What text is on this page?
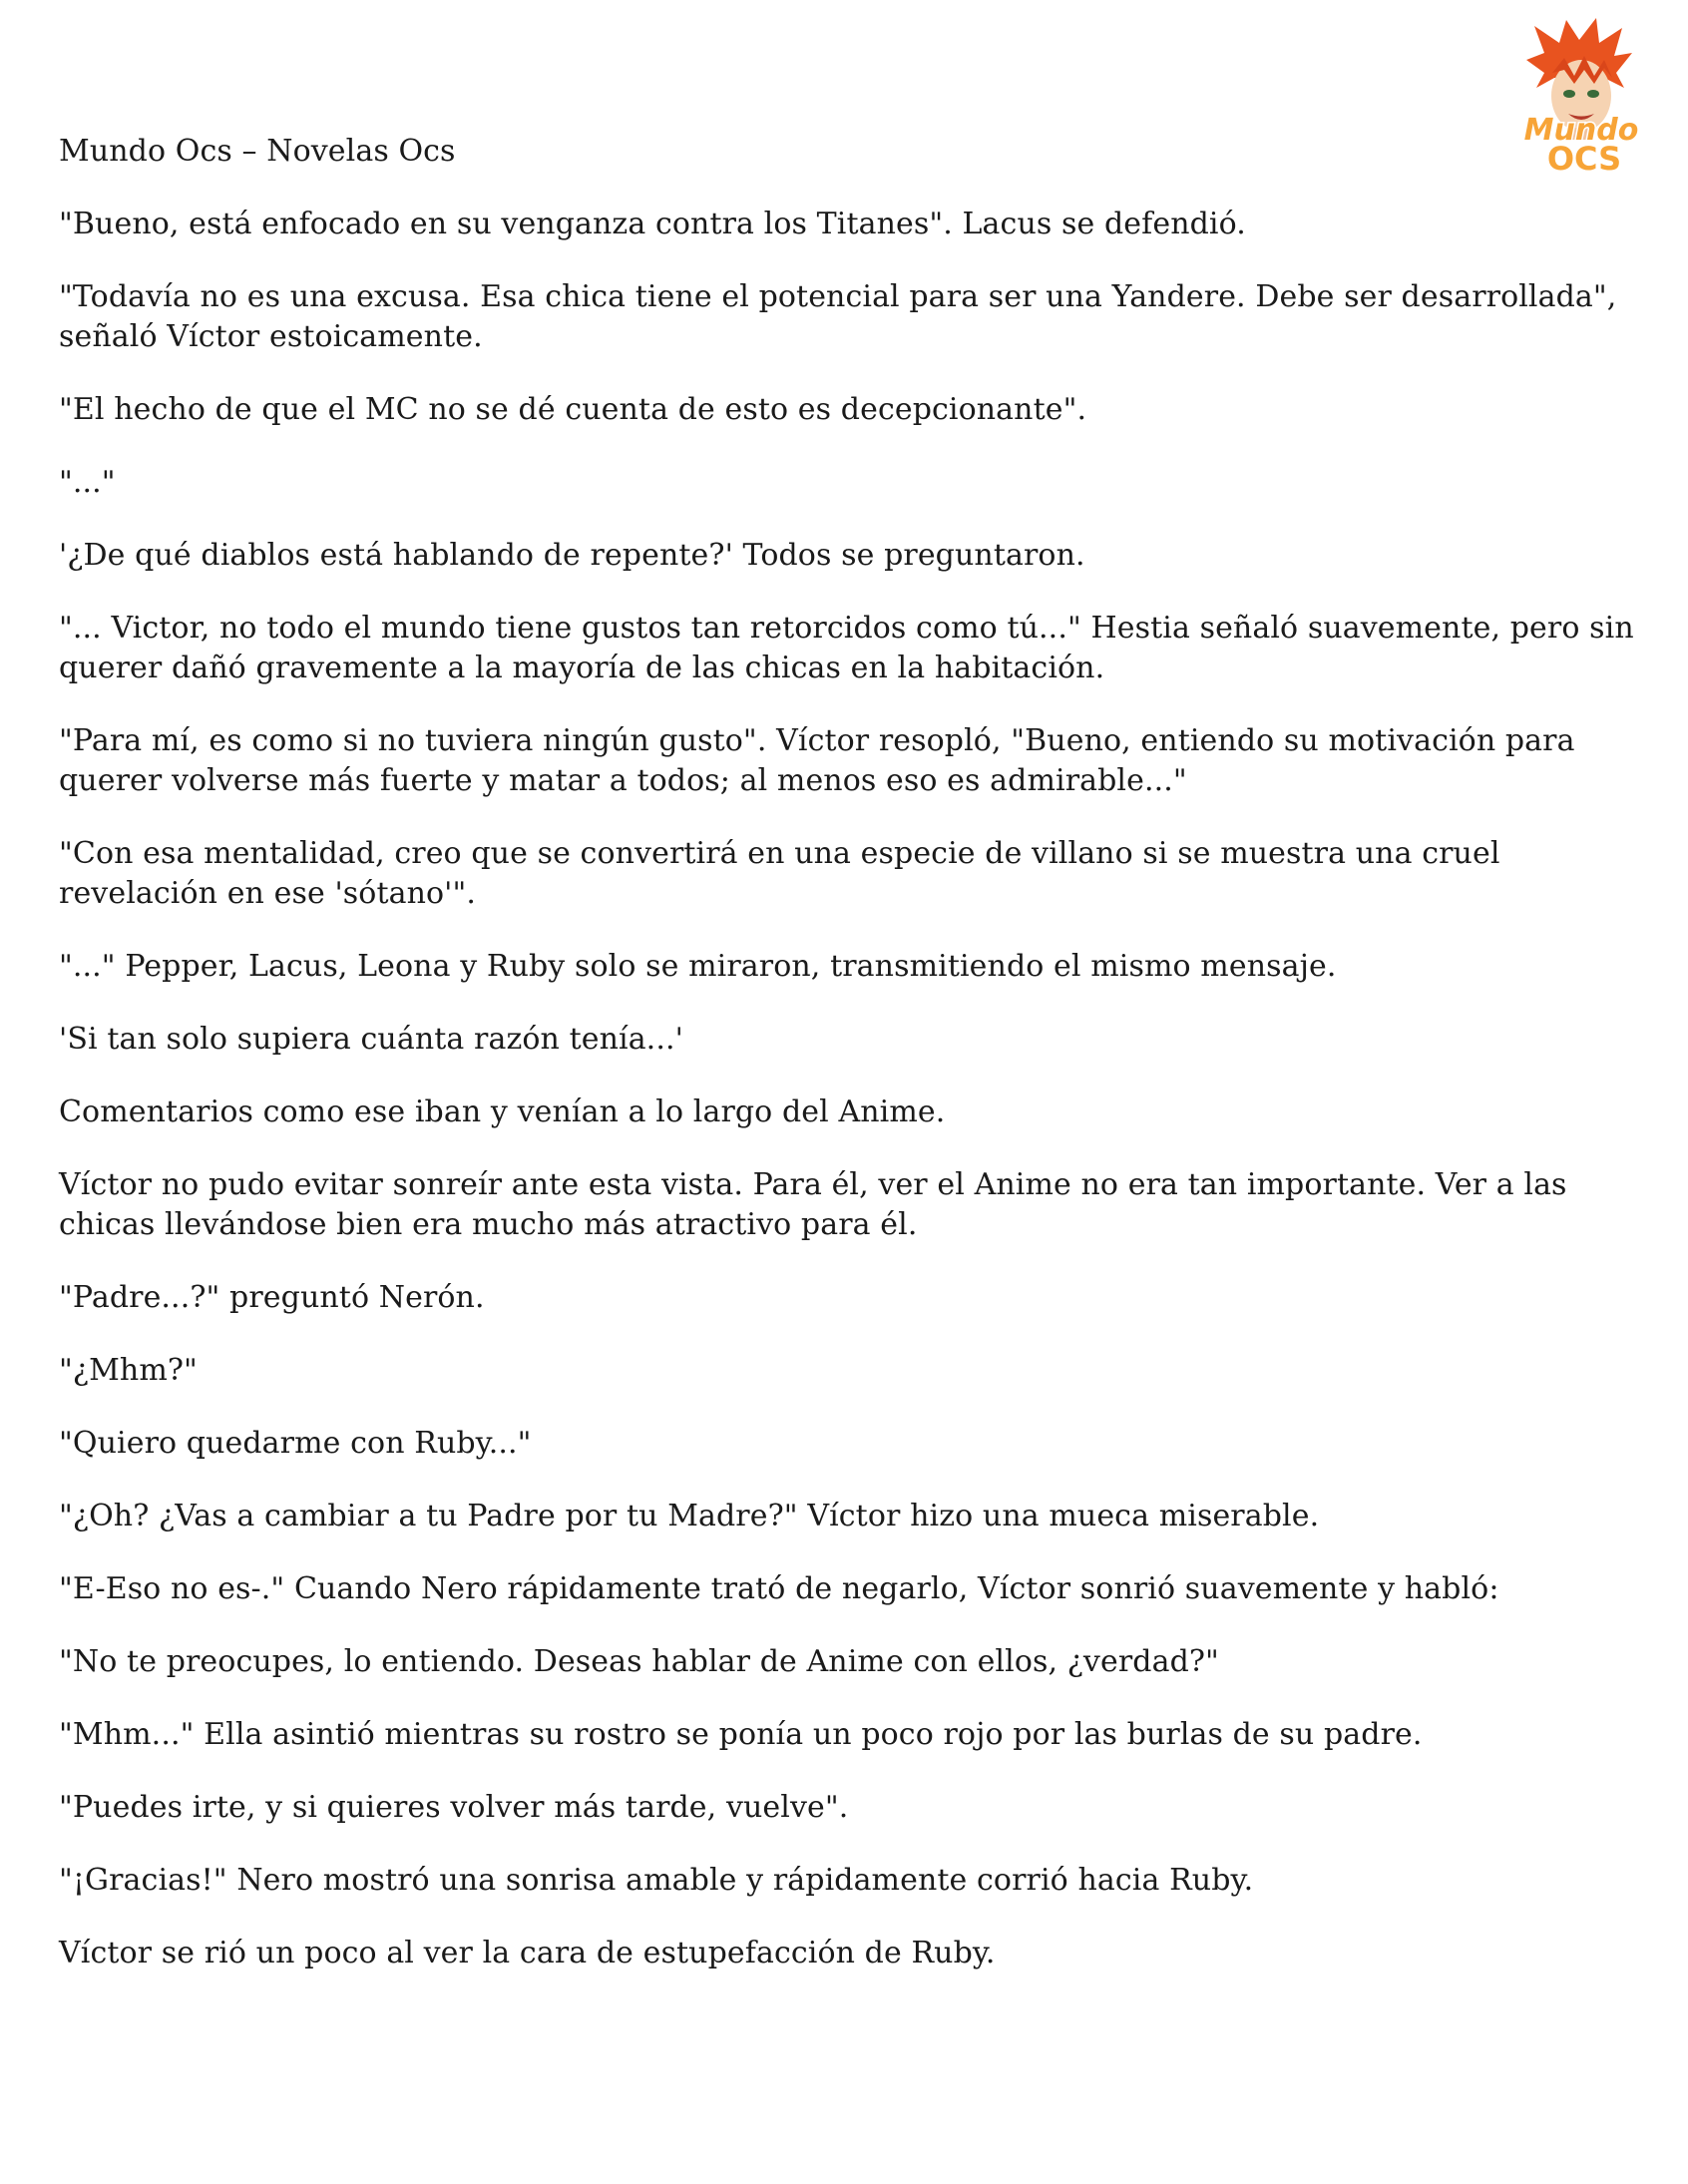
Mundo
OCS
Mundo Ocs – Novelas Ocs

"Bueno, está enfocado en su venganza contra los Titanes". Lacus se defendió.

"Todavía no es una excusa. Esa chica tiene el potencial para ser una Yandere. Debe ser desarrollada", señaló Víctor estoicamente.

"El hecho de que el MC no se dé cuenta de esto es decepcionante".

"..."

'¿De qué diablos está hablando de repente?' Todos se preguntaron.

"... Victor, no todo el mundo tiene gustos tan retorcidos como tú..." Hestia señaló suavemente, pero sin querer dañó gravemente a la mayoría de las chicas en la habitación.

"Para mí, es como si no tuviera ningún gusto". Víctor resopló, "Bueno, entiendo su motivación para querer volverse más fuerte y matar a todos; al menos eso es admirable..."

"Con esa mentalidad, creo que se convertirá en una especie de villano si se muestra una cruel revelación en ese 'sótano'".

"..." Pepper, Lacus, Leona y Ruby solo se miraron, transmitiendo el mismo mensaje.

'Si tan solo supiera cuánta razón tenía...'

Comentarios como ese iban y venían a lo largo del Anime.

Víctor no pudo evitar sonreír ante esta vista. Para él, ver el Anime no era tan importante. Ver a las chicas llevándose bien era mucho más atractivo para él.

"Padre...?" preguntó Nerón.

"¿Mhm?"

"Quiero quedarme con Ruby..."

"¿Oh? ¿Vas a cambiar a tu Padre por tu Madre?" Víctor hizo una mueca miserable.

"E-Eso no es-." Cuando Nero rápidamente trató de negarlo, Víctor sonrió suavemente y habló:

"No te preocupes, lo entiendo. Deseas hablar de Anime con ellos, ¿verdad?"

"Mhm..." Ella asintió mientras su rostro se ponía un poco rojo por las burlas de su padre.

"Puedes irte, y si quieres volver más tarde, vuelve".

"¡Gracias!" Nero mostró una sonrisa amable y rápidamente corrió hacia Ruby.

Víctor se rió un poco al ver la cara de estupefacción de Ruby.
